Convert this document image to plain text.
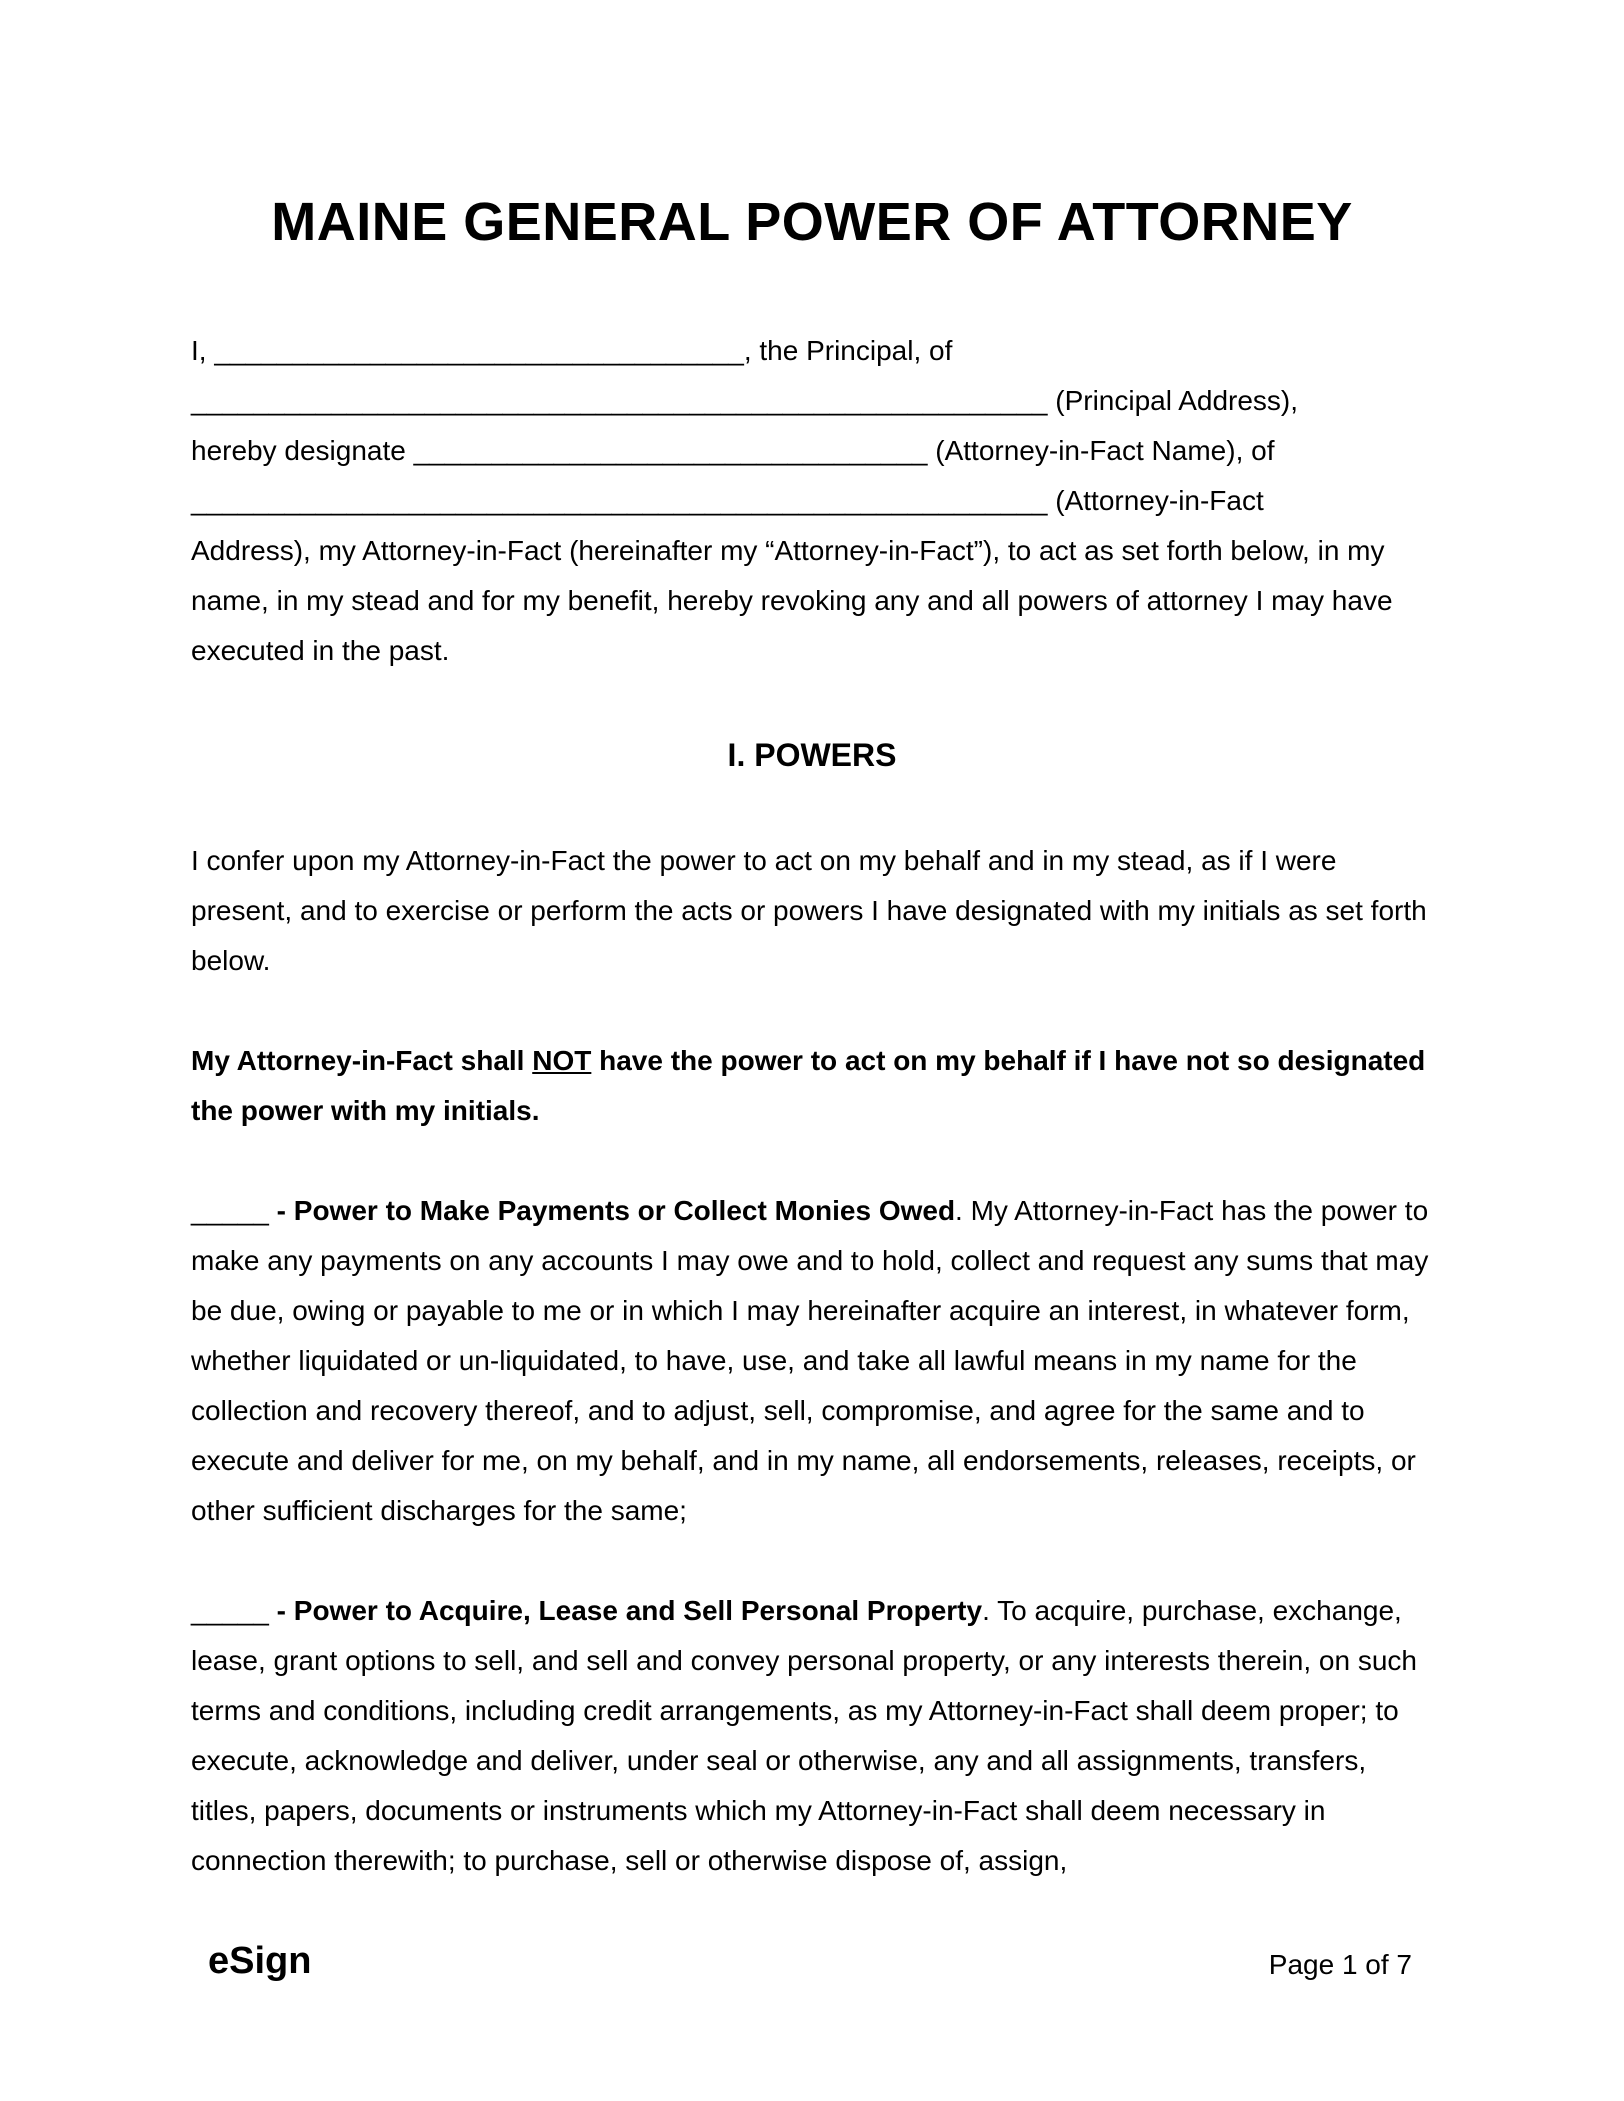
MAINE GENERAL POWER OF ATTORNEY
I, __________________________________, the Principal, of
_______________________________________________________ (Principal Address),
hereby designate _________________________________ (Attorney-in-Fact Name), of
_______________________________________________________ (Attorney-in-Fact
Address), my Attorney-in-Fact (hereinafter my “Attorney-in-Fact”), to act as set forth below, in my name, in my stead and for my benefit, hereby revoking any and all powers of attorney I may have executed in the past.
I. POWERS
I confer upon my Attorney-in-Fact the power to act on my behalf and in my stead, as if I were present, and to exercise or perform the acts or powers I have designated with my initials as set forth below.
My Attorney-in-Fact shall NOT have the power to act on my behalf if I have not so designated the power with my initials.
_____ - Power to Make Payments or Collect Monies Owed. My Attorney-in-Fact has the power to make any payments on any accounts I may owe and to hold, collect and request any sums that may be due, owing or payable to me or in which I may hereinafter acquire an interest, in whatever form, whether liquidated or un-liquidated, to have, use, and take all lawful means in my name for the collection and recovery thereof, and to adjust, sell, compromise, and agree for the same and to execute and deliver for me, on my behalf, and in my name, all endorsements, releases, receipts, or other sufficient discharges for the same;
_____ - Power to Acquire, Lease and Sell Personal Property. To acquire, purchase, exchange, lease, grant options to sell, and sell and convey personal property, or any interests therein, on such terms and conditions, including credit arrangements, as my Attorney-in-Fact shall deem proper; to execute, acknowledge and deliver, under seal or otherwise, any and all assignments, transfers, titles, papers, documents or instruments which my Attorney-in-Fact shall deem necessary in connection therewith; to purchase, sell or otherwise dispose of, assign,
eSign	Page 1 of 7
